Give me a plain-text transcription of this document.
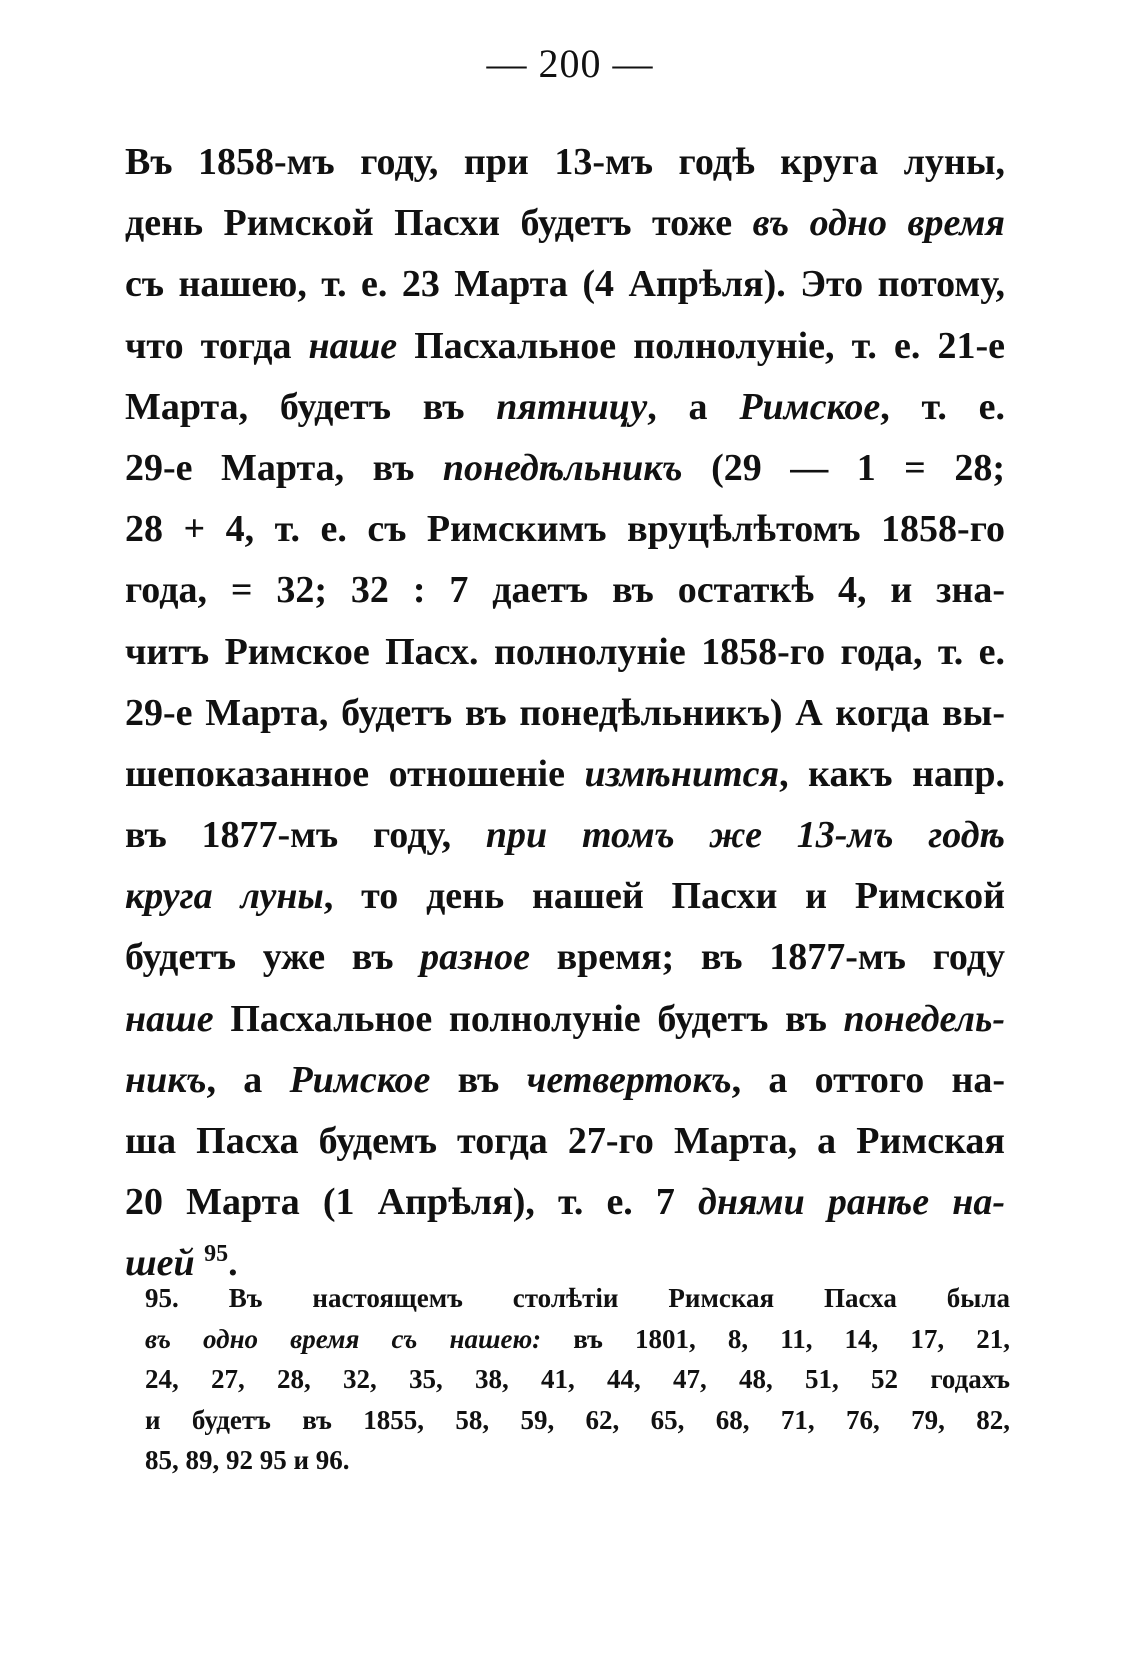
— 200 —
Въ 1858-мъ году, при 13-мъ годѣ круга луны,
день Римской Пасхи будетъ тоже въ одно время
съ нашею, т. е. 23 Марта (4 Апрѣля). Это потому,
что тогда наше Пасхальное полнолуніе, т. е. 21-е
Марта, будетъ въ пятницу, а Римское, т. е.
29-е Марта, въ понедѣльникъ (29 — 1 = 28;
28 + 4, т. е. съ Римскимъ вруцѣлѣтомъ 1858-го
года, = 32; 32 : 7 даетъ въ остаткѣ 4, и зна-
читъ Римское Пасх. полнолуніе 1858-го года, т. е.
29-е Марта, будетъ въ понедѣльникъ) А когда вы-
шепоказанное отношеніе измѣнится, какъ напр.
въ 1877-мъ году, при томъ же 13-мъ годѣ
круга луны, то день нашей Пасхи и Римской
будетъ уже въ разное время; въ 1877-мъ году
наше Пасхальное полнолуніе будетъ въ понедель-
никъ, а Римское въ четвертокъ, а оттого на-
ша Пасха будемъ тогда 27-го Марта, а Римская
20 Марта (1 Апрѣля), т. е. 7 днями ранѣе на-
шей $^{95}$.
95. Въ настоящемъ столѣтіи Римская Пасха была
въ одно время съ нашею: въ 1801, 8, 11, 14, 17, 21,
24, 27, 28, 32, 35, 38, 41, 44, 47, 48, 51, 52 годахъ
и будетъ въ 1855, 58, 59, 62, 65, 68, 71, 76, 79, 82,
85, 89, 92 95 и 96.
